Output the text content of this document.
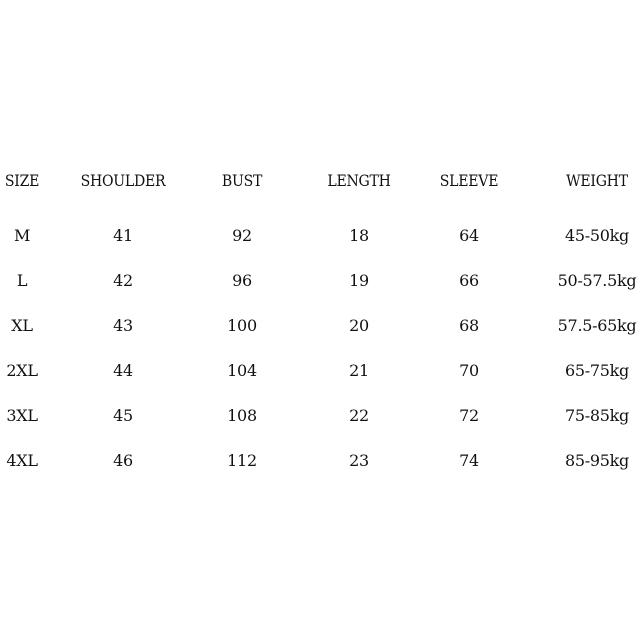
SIZE	SHOULDER	BUST	LENGTH	SLEEVE	WEIGHT
M	41	92	18	64	45-50kg
L	42	96	19	66	50-57.5kg
XL	43	100	20	68	57.5-65kg
2XL	44	104	21	70	65-75kg
3XL	45	108	22	72	75-85kg
4XL	46	112	23	74	85-95kg
